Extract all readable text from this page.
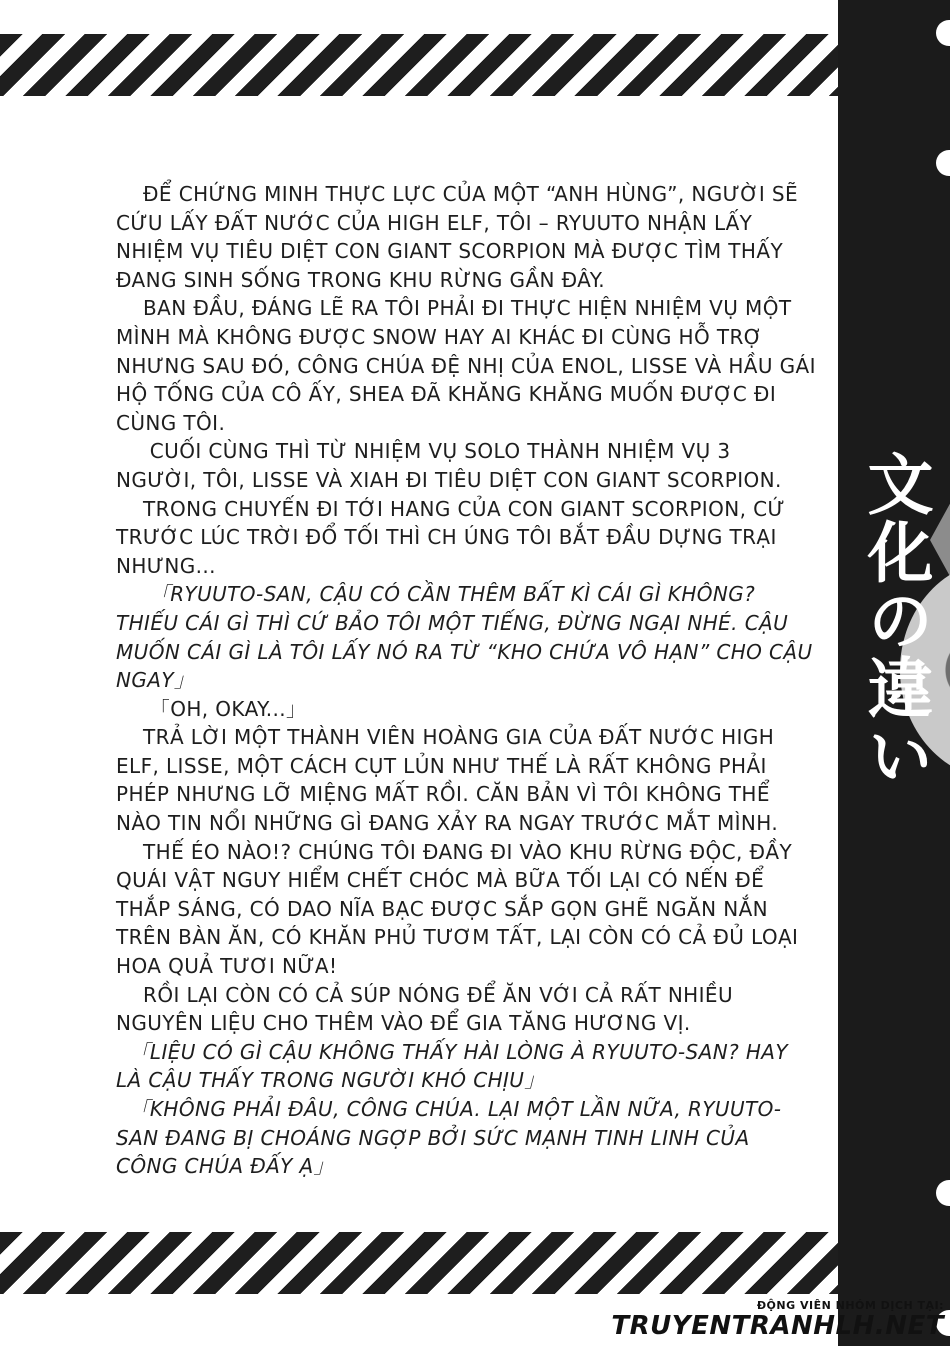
文化の違い

ĐỂ CHỨNG MINH THỰC LỰC CỦA MỘT “ANH HÙNG”, NGƯỜI SẼ CỨU LẤY ĐẤT NƯỚC CỦA HIGH ELF, TÔI – RYUUTO NHẬN LẤY NHIỆM VỤ TIÊU DIỆT CON GIANT SCORPION MÀ ĐƯỢC TÌM THẤY ĐANG SINH SỐNG TRONG KHU RỪNG GẦN ĐÂY.

BAN ĐẦU, ĐÁNG LẼ RA TÔI PHẢI ĐI THỰC HIỆN NHIỆM VỤ MỘT MÌNH MÀ KHÔNG ĐƯỢC SNOW HAY AI KHÁC ĐI CÙNG HỖ TRỢ NHƯNG SAU ĐÓ, CÔNG CHÚA ĐỆ NHỊ CỦA ENOL, LISSE VÀ HẦU GÁI HỘ TỐNG CỦA CÔ ẤY, SHEA ĐÃ KHĂNG KHĂNG MUỐN ĐƯỢC ĐI CÙNG TÔI.

CUỐI CÙNG THÌ TỪ NHIỆM VỤ SOLO THÀNH NHIỆM VỤ 3 NGƯỜI, TÔI, LISSE VÀ XIAH ĐI TIÊU DIỆT CON GIANT SCORPION.

TRONG CHUYẾN ĐI TỚI HANG CỦA CON GIANT SCORPION, CỨ TRƯỚC LÚC TRỜI ĐỔ TỐI THÌ CH ÚNG TÔI BẮT ĐẦU DỰNG TRẠI NHƯNG...

「RYUUTO-SAN, CẬU CÓ CẦN THÊM BẤT KÌ CÁI GÌ KHÔNG? THIẾU CÁI GÌ THÌ CỨ BẢO TÔI MỘT TIẾNG, ĐỪNG NGẠI NHÉ. CẬU MUỐN CÁI GÌ LÀ TÔI LẤY NÓ RA TỪ “KHO CHỨA VÔ HẠN” CHO CẬU NGAY」

「OH, OKAY...」

TRẢ LỜI MỘT THÀNH VIÊN HOÀNG GIA CỦA ĐẤT NƯỚC HIGH ELF, LISSE, MỘT CÁCH CỤT LỦN NHƯ THẾ LÀ RẤT KHÔNG PHẢI PHÉP NHƯNG LỠ MIỆNG MẤT RỒI. CĂN BẢN VÌ TÔI KHÔNG THỂ NÀO TIN NỔI NHỮNG GÌ ĐANG XẢY RA NGAY TRƯỚC MẮT MÌNH.

THẾ ÉO NÀO!? CHÚNG TÔI ĐANG ĐI VÀO KHU RỪNG ĐỘC, ĐẦY QUÁI VẬT NGUY HIỂM CHẾT CHÓC MÀ BỮA TỐI LẠI CÓ NẾN ĐỂ THẮP SÁNG, CÓ DAO NĨA BẠC ĐƯỢC SẮP GỌN GHẼ NGĂN NẮN TRÊN BÀN ĂN, CÓ KHĂN PHỦ TƯƠM TẤT, LẠI CÒN CÓ CẢ ĐỦ LOẠI HOA QUẢ TƯƠI NỮA!

RỒI LẠI CÒN CÓ CẢ SÚP NÓNG ĐỂ ĂN VỚI CẢ RẤT NHIỀU NGUYÊN LIỆU CHO THÊM VÀO ĐỂ GIA TĂNG HƯƠNG VỊ.

「LIỆU CÓ GÌ CẬU KHÔNG THẤY HÀI LÒNG À RYUUTO-SAN? HAY LÀ CẬU THẤY TRONG NGƯỜI KHÓ CHỊU」

「KHÔNG PHẢI ĐÂU, CÔNG CHÚA. LẠI MỘT LẦN NỮA, RYUUTO-SAN ĐANG BỊ CHOÁNG NGỢP BỞI SỨC MẠNH TINH LINH CỦA CÔNG CHÚA ĐẤY Ạ」

ĐỘNG VIÊN NHÓM DỊCH TẠI:
TRUYENTRANHLH.NET
